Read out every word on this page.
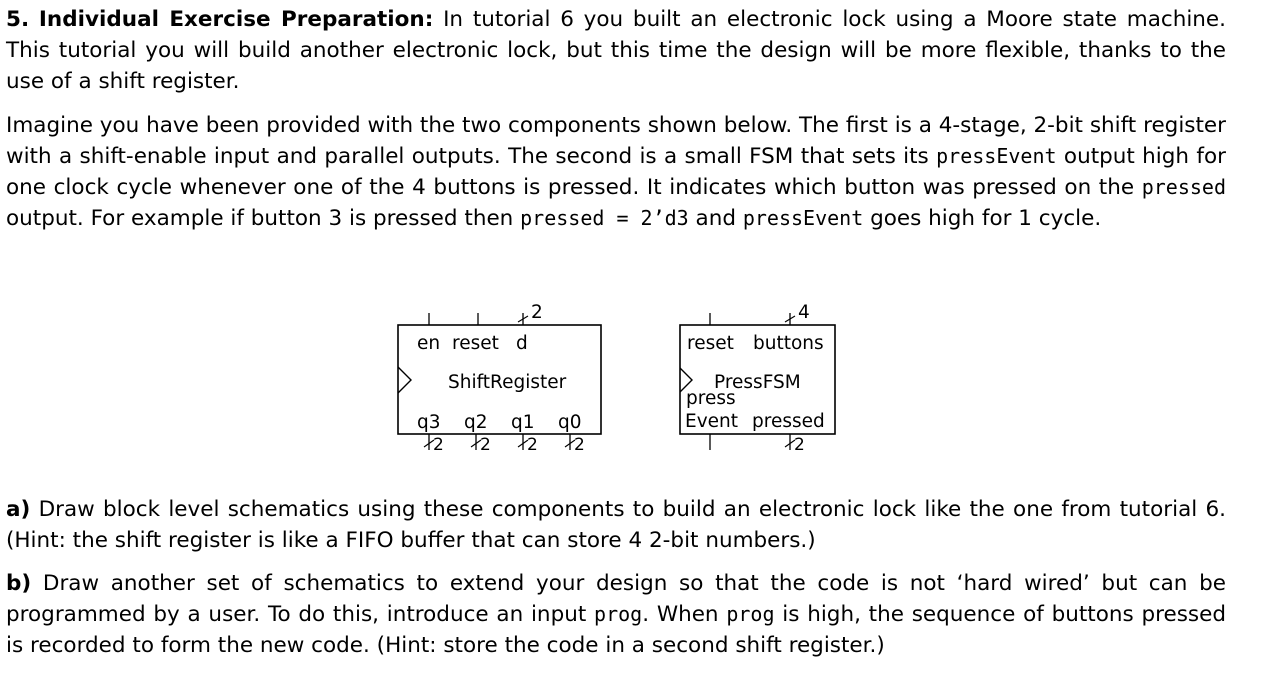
5. Individual Exercise Preparation: In tutorial 6 you built an electronic lock using a Moore state machine. This tutorial you will build another electronic lock, but this time the design will be more flexible, thanks to the use of a shift register.

Imagine you have been provided with the two components shown below. The first is a 4-stage, 2-bit shift register with a shift-enable input and parallel outputs. The second is a small FSM that sets its pressEvent output high for one clock cycle whenever one of the 4 buttons is pressed. It indicates which button was pressed on the pressed output. For example if button 3 is pressed then pressed = 2’d3 and pressEvent goes high for 1 cycle.

a) Draw block level schematics using these components to build an electronic lock like the one from tutorial 6. (Hint: the shift register is like a FIFO buffer that can store 4 2-bit numbers.)

b) Draw another set of schematics to extend your design so that the code is not ‘hard wired’ but can be programmed by a user. To do this, introduce an input prog. When prog is high, the sequence of buttons pressed is recorded to form the new code. (Hint: store the code in a second shift register.)

2
en reset d
ShiftRegister
q3 q2 q1 q0
2 2 2 2
4
reset buttons
PressFSM
press
Event pressed
2
